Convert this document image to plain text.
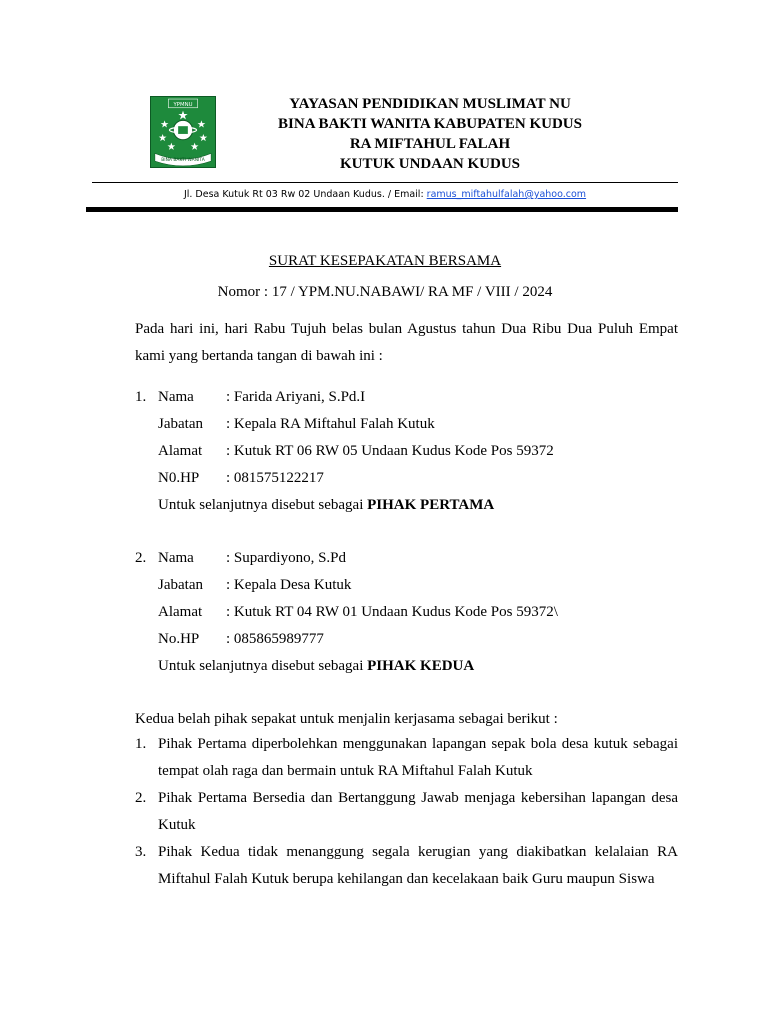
YPMNU
BINA BAKTI WANITA
YAYASAN PENDIDIKAN MUSLIMAT NU
BINA BAKTI WANITA KABUPATEN KUDUS
RA MIFTAHUL FALAH
KUTUK UNDAAN KUDUS
Jl. Desa Kutuk Rt 03 Rw 02 Undaan Kudus. / Email: ramus_miftahulfalah@yahoo.com
SURAT KESEPAKATAN BERSAMA
Nomor : 17 / YPM.NU.NABAWI/ RA MF / VIII / 2024
Pada hari ini, hari Rabu Tujuh belas bulan Agustus tahun Dua Ribu Dua Puluh Empat kami yang bertanda tangan di bawah ini :
1. Nama : Farida Ariyani, S.Pd.I
Jabatan : Kepala RA Miftahul Falah Kutuk
Alamat : Kutuk RT 06 RW 05 Undaan Kudus Kode Pos 59372
N0.HP : 081575122217
Untuk selanjutnya disebut sebagai PIHAK PERTAMA
2. Nama : Supardiyono, S.Pd
Jabatan : Kepala Desa Kutuk
Alamat : Kutuk RT 04 RW 01 Undaan Kudus Kode Pos 59372\
No.HP : 085865989777
Untuk selanjutnya disebut sebagai PIHAK KEDUA
Kedua belah pihak sepakat untuk menjalin kerjasama sebagai berikut :
1. Pihak Pertama diperbolehkan menggunakan lapangan sepak bola desa kutuk sebagai tempat olah raga dan bermain untuk RA Miftahul Falah Kutuk
2. Pihak Pertama Bersedia dan Bertanggung Jawab menjaga kebersihan lapangan desa Kutuk
3. Pihak Kedua tidak menanggung segala kerugian yang diakibatkan kelalaian RA Miftahul Falah Kutuk berupa kehilangan dan kecelakaan baik Guru maupun Siswa
